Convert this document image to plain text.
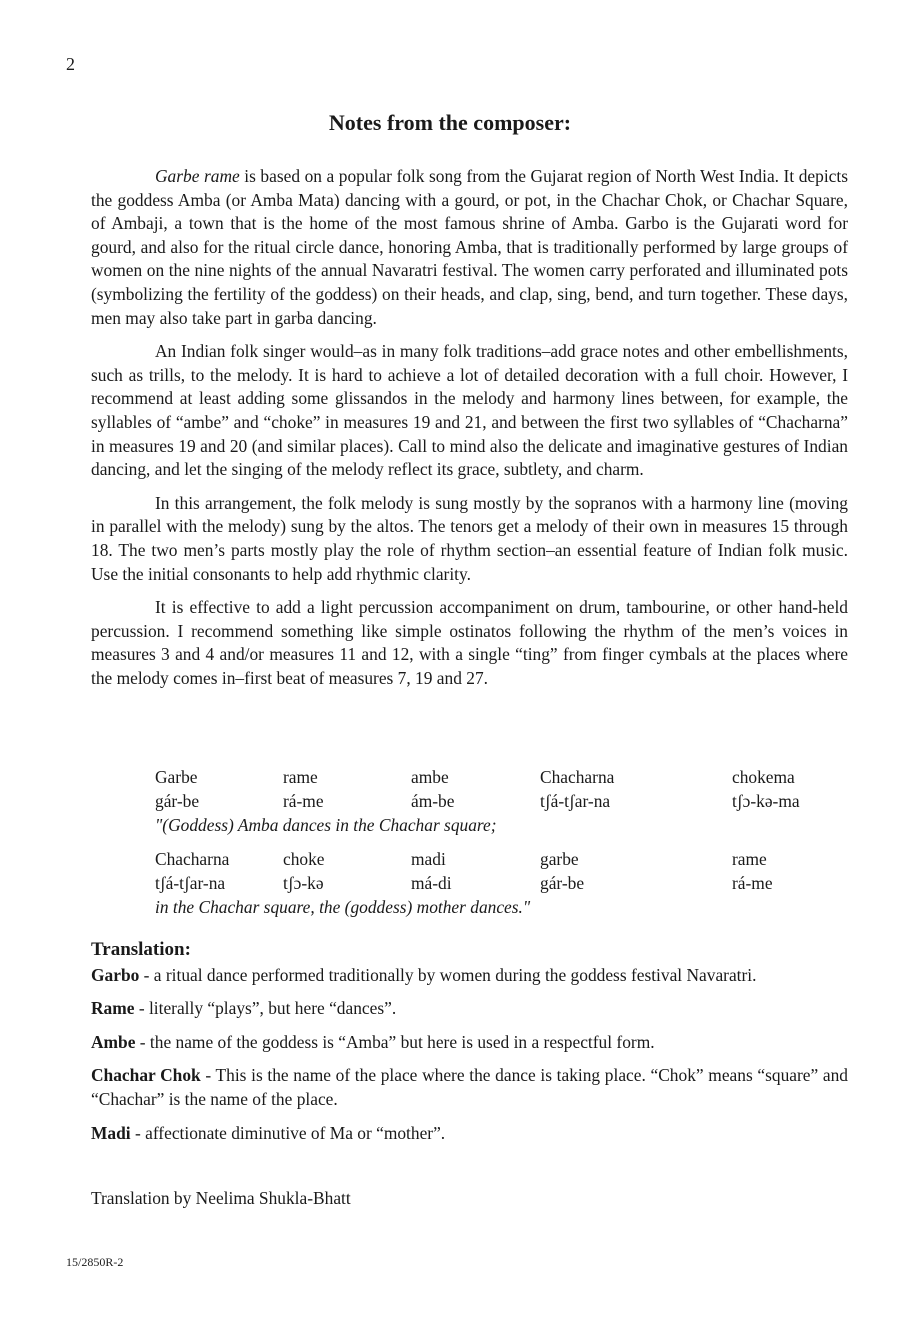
2
Notes from the composer:

Garbe rame is based on a popular folk song from the Gujarat region of North West India. It depicts the goddess Amba (or Amba Mata) dancing with a gourd, or pot, in the Chachar Chok, or Chachar Square, of Ambaji, a town that is the home of the most famous shrine of Amba. Garbo is the Gujarati word for gourd, and also for the ritual circle dance, honoring Amba, that is traditionally performed by large groups of women on the nine nights of the annual Navaratri festival. The women carry perforated and illuminated pots (symbolizing the fertility of the goddess) on their heads, and clap, sing, bend, and turn together. These days, men may also take part in garba dancing.

An Indian folk singer would–as in many folk traditions–add grace notes and other embellishments, such as trills, to the melody. It is hard to achieve a lot of detailed decoration with a full choir. However, I recommend at least adding some glissandos in the melody and harmony lines between, for example, the syllables of “ambe” and “choke” in measures 19 and 21, and between the first two syllables of “Chacharna” in measures 19 and 20 (and similar places). Call to mind also the delicate and imaginative gestures of Indian dancing, and let the singing of the melody reflect its grace, subtlety, and charm.

In this arrangement, the folk melody is sung mostly by the sopranos with a harmony line (moving in parallel with the melody) sung by the altos. The tenors get a melody of their own in measures 15 through 18. The two men’s parts mostly play the role of rhythm section–an essential feature of Indian folk music. Use the initial consonants to help add rhythmic clarity.

It is effective to add a light percussion accompaniment on drum, tambourine, or other hand-held percussion. I recommend something like simple ostinatos following the rhythm of the men’s voices in measures 3 and 4 and/or measures 11 and 12, with a single “ting” from finger cymbals at the places where the melody comes in–first beat of measures 7, 19 and 27.

Garbe	rame	ambe	Chacharna	chokema
gár-be	rá-me	ám-be	tʃá-tʃar-na	tʃɔ-kə-ma
"(Goddess) Amba dances in the Chachar square;
Chacharna	choke	madi	garbe	rame
tʃá-tʃar-na	tʃɔ-kə	má-di	gár-be	rá-me
in the Chachar square, the (goddess) mother dances."
Translation:
Garbo - a ritual dance performed traditionally by women during the goddess festival Navaratri.
Rame - literally “plays”, but here “dances”.
Ambe - the name of the goddess is “Amba” but here is used in a respectful form.
Chachar Chok - This is the name of the place where the dance is taking place. “Chok” means “square” and “Chachar” is the name of the place.
Madi - affectionate diminutive of Ma or “mother”.
Translation by Neelima Shukla-Bhatt
15/2850R-2
